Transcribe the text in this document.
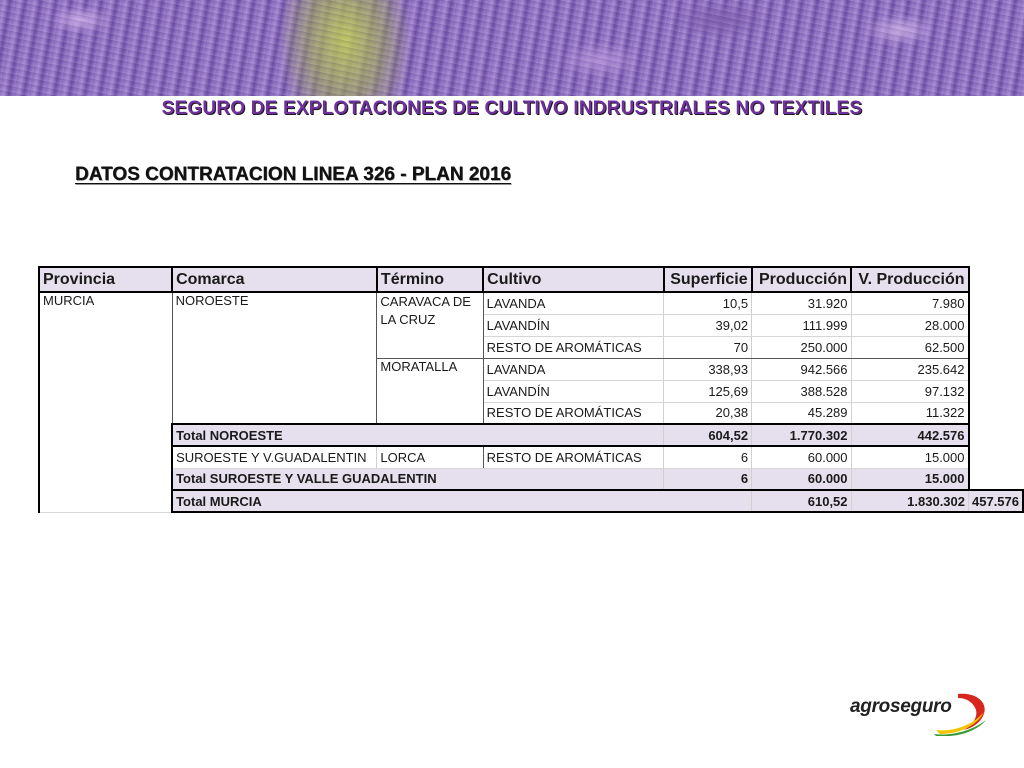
SEGURO DE EXPLOTACIONES DE CULTIVO INDRUSTRIALES NO TEXTILES
DATOS CONTRATACION LINEA 326 - PLAN 2016
Provincia	Comarca	Término	Cultivo	Superficie	Producción	V. Producción	
MURCIA	NOROESTE	CARAVACA DE LA CRUZ	LAVANDA	10,5	31.920	7.980	
			LAVANDÍN	39,02	111.999	28.000	
			RESTO DE AROMÁTICAS	70	250.000	62.500	
		MORATALLA	LAVANDA	338,93	942.566	235.642	
			LAVANDÍN	125,69	388.528	97.132	
			RESTO DE AROMÁTICAS	20,38	45.289	11.322	
	Total NOROESTE			604,52	1.770.302	442.576	
	SUROESTE Y V.GUADALENTIN	LORCA	RESTO DE AROMÁTICAS	6	60.000	15.000	
	Total SUROESTE Y VALLE GUADALENTIN			6	60.000	15.000	
	Total MURCIA				610,52	1.830.302	457.576
agroseguro
